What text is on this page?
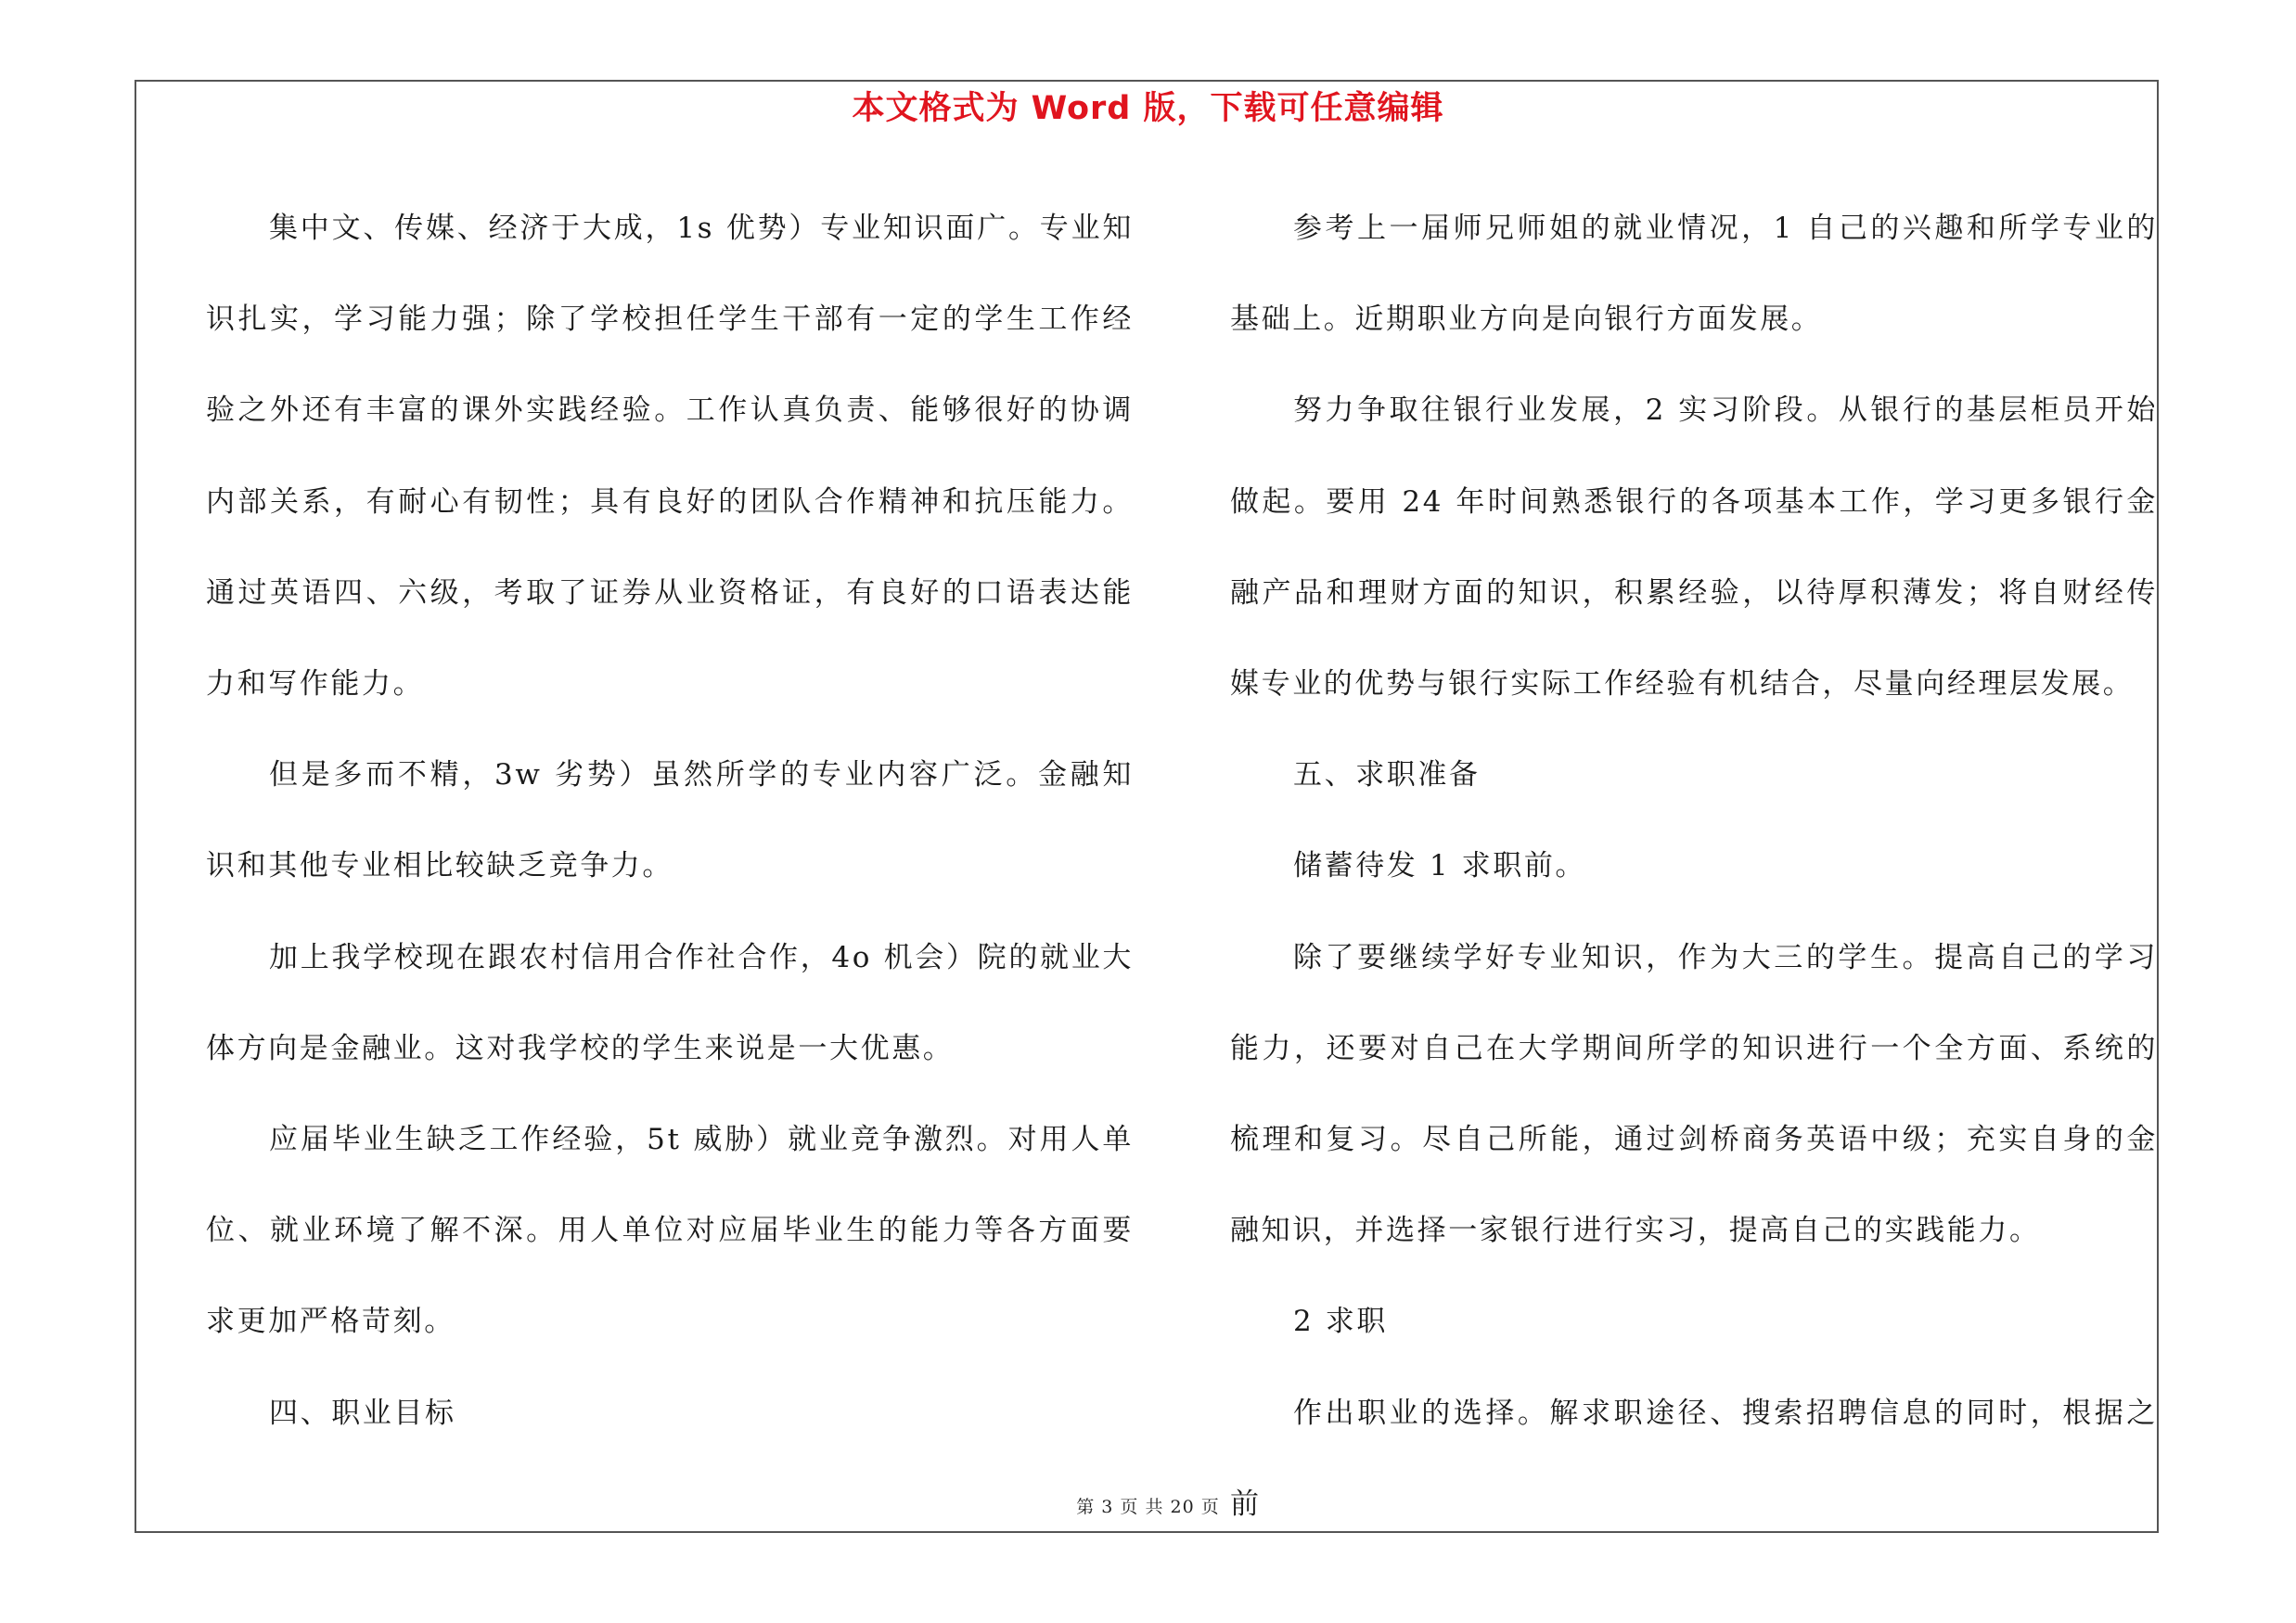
本文格式为 Word 版，下载可任意编辑

集中文、传媒、经济于大成，1s 优势）专业知识面广。专业知识扎实，学习能力强；除了学校担任学生干部有一定的学生工作经验之外还有丰富的课外实践经验。工作认真负责、能够很好的协调内部关系，有耐心有韧性；具有良好的团队合作精神和抗压能力。通过英语四、六级，考取了证券从业资格证，有良好的口语表达能力和写作能力。

但是多而不精，3w 劣势）虽然所学的专业内容广泛。金融知识和其他专业相比较缺乏竞争力。

加上我学校现在跟农村信用合作社合作，4o 机会）院的就业大体方向是金融业。这对我学校的学生来说是一大优惠。

应届毕业生缺乏工作经验，5t 威胁）就业竞争激烈。对用人单位、就业环境了解不深。用人单位对应届毕业生的能力等各方面要求更加严格苛刻。

四、职业目标

参考上一届师兄师姐的就业情况，1 自己的兴趣和所学专业的基础上。近期职业方向是向银行方面发展。

努力争取往银行业发展，2 实习阶段。从银行的基层柜员开始做起。要用 24 年时间熟悉银行的各项基本工作，学习更多银行金融产品和理财方面的知识，积累经验，以待厚积薄发；将自财经传媒专业的优势与银行实际工作经验有机结合，尽量向经理层发展。

五、求职准备

储蓄待发 1 求职前。

除了要继续学好专业知识，作为大三的学生。提高自己的学习能力，还要对自己在大学期间所学的知识进行一个全方面、系统的梳理和复习。尽自己所能，通过剑桥商务英语中级；充实自身的金融知识，并选择一家银行进行实习，提高自己的实践能力。

2 求职

作出职业的选择。解求职途径、搜索招聘信息的同时，根据之前

第 3 页 共 20 页
